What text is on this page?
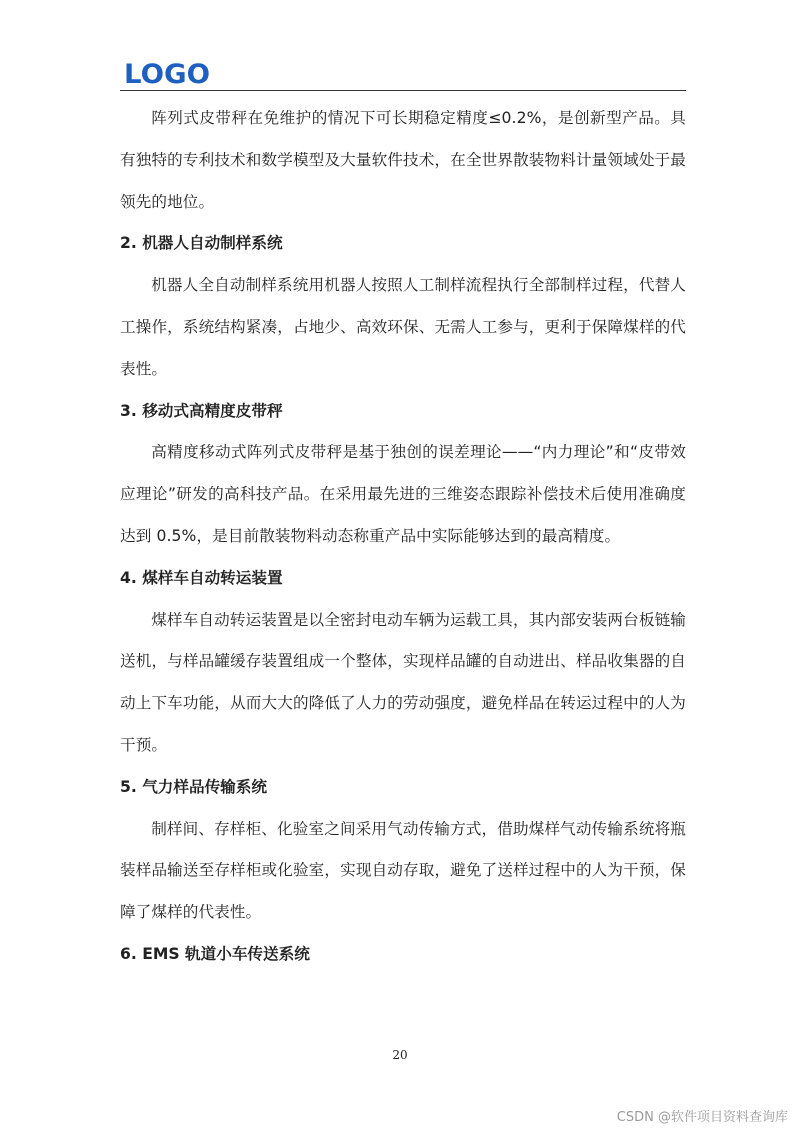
LOGO

阵列式皮带秤在免维护的情况下可长期稳定精度≤0.2%，是创新型产品。具有独特的专利技术和数学模型及大量软件技术，在全世界散装物料计量领域处于最领先的地位。

2. 机器人自动制样系统

机器人全自动制样系统用机器人按照人工制样流程执行全部制样过程，代替人工操作，系统结构紧凑，占地少、高效环保、无需人工参与，更利于保障煤样的代表性。

3. 移动式高精度皮带秤

高精度移动式阵列式皮带秤是基于独创的误差理论——“内力理论”和“皮带效应理论”研发的高科技产品。在采用最先进的三维姿态跟踪补偿技术后使用准确度达到 0.5%，是目前散装物料动态称重产品中实际能够达到的最高精度。

4. 煤样车自动转运装置

煤样车自动转运装置是以全密封电动车辆为运载工具，其内部安装两台板链输送机，与样品罐缓存装置组成一个整体，实现样品罐的自动进出、样品收集器的自动上下车功能，从而大大的降低了人力的劳动强度，避免样品在转运过程中的人为干预。

5. 气力样品传输系统

制样间、存样柜、化验室之间采用气动传输方式，借助煤样气动传输系统将瓶装样品输送至存样柜或化验室，实现自动存取，避免了送样过程中的人为干预，保障了煤样的代表性。

6. EMS 轨道小车传送系统
20
CSDN @软件项目资料查询库
